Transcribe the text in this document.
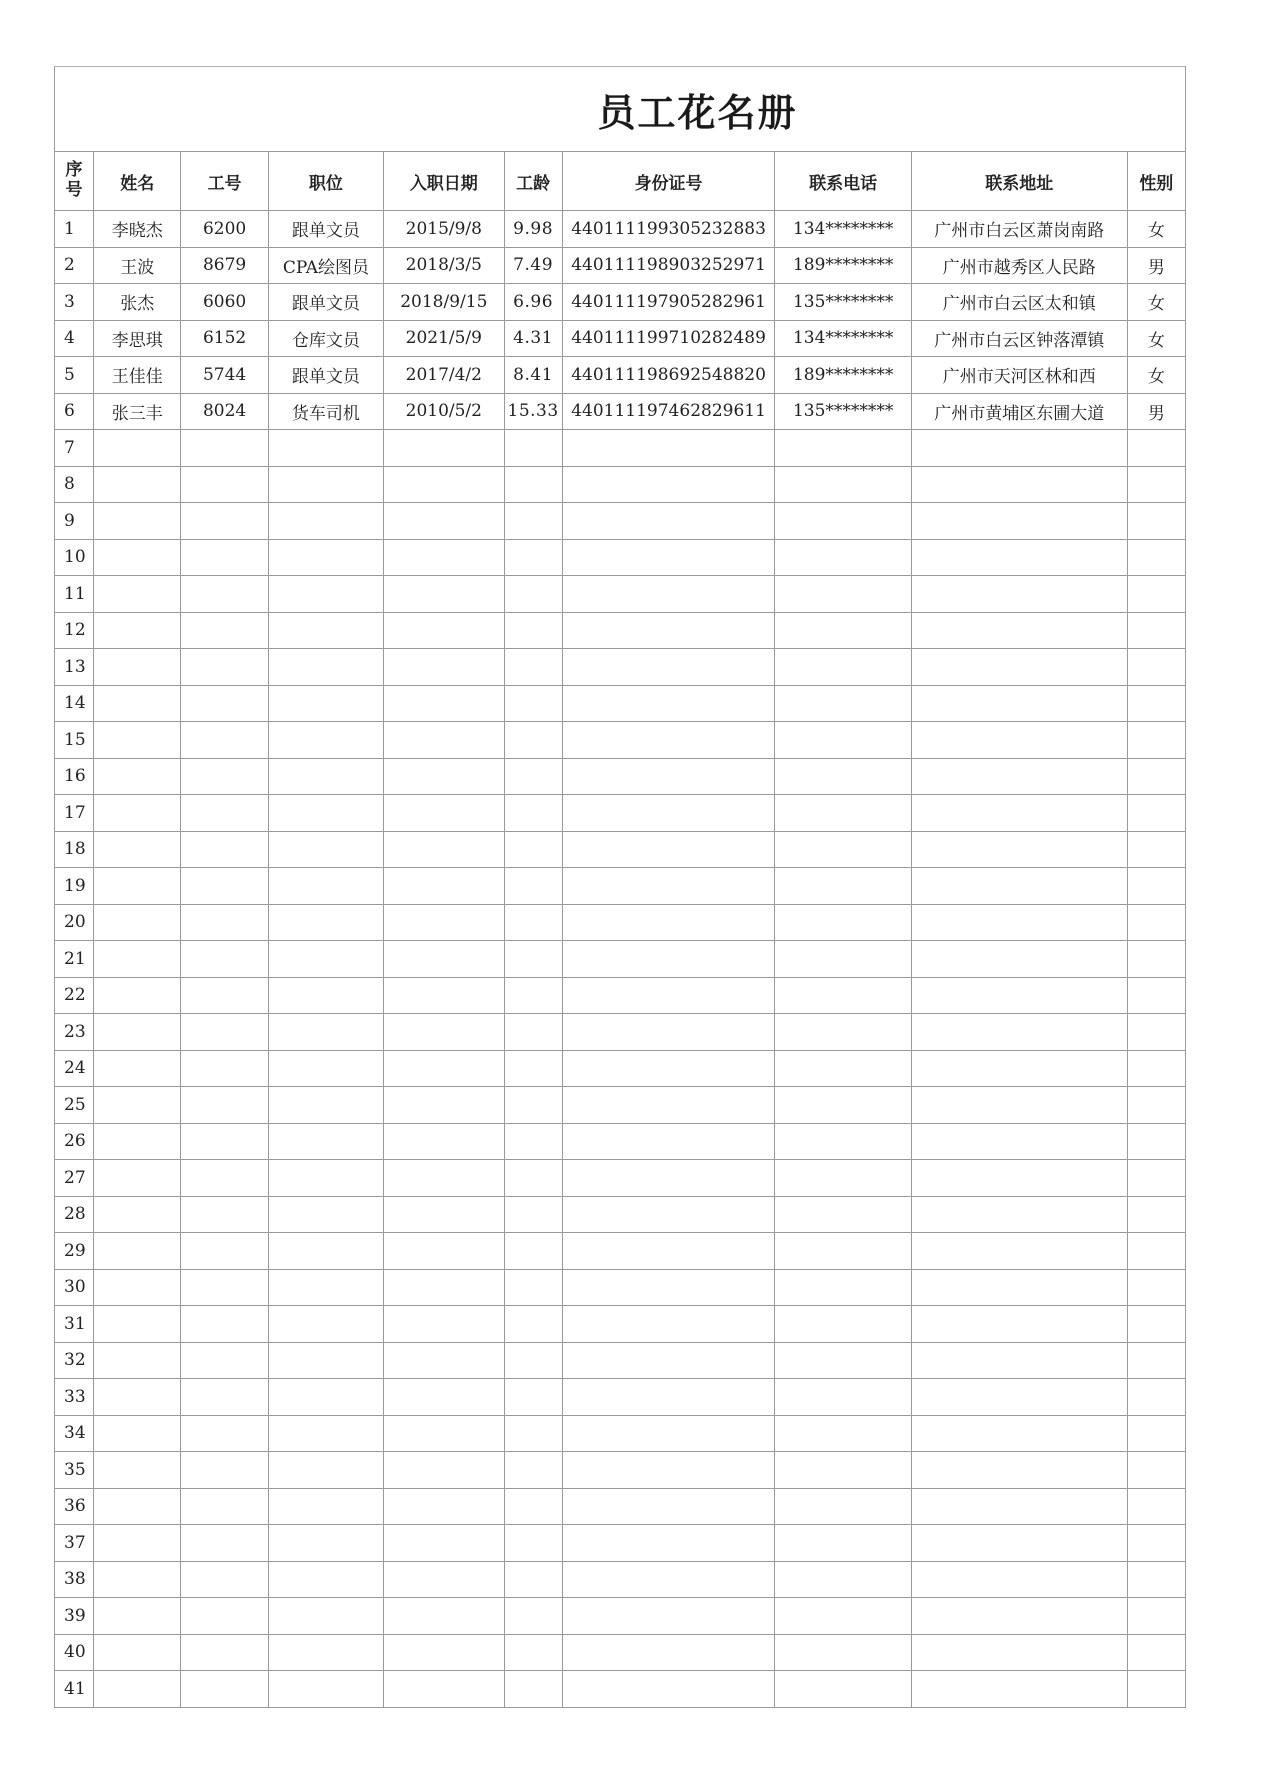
员工花名册									
序号	姓名	工号	职位	入职日期	工龄	身份证号	联系电话	联系地址	性别
1	李晓杰	6200	跟单文员	2015/9/8	9.98	440111199305232883	134********	广州市白云区萧岗南路	女
2	王波	8679	CPA绘图员	2018/3/5	7.49	440111198903252971	189********	广州市越秀区人民路	男
3	张杰	6060	跟单文员	2018/9/15	6.96	440111197905282961	135********	广州市白云区太和镇	女
4	李思琪	6152	仓库文员	2021/5/9	4.31	440111199710282489	134********	广州市白云区钟落潭镇	女
5	王佳佳	5744	跟单文员	2017/4/2	8.41	440111198692548820	189********	广州市天河区林和西	女
6	张三丰	8024	货车司机	2010/5/2	15.33	440111197462829611	135********	广州市黄埔区东圃大道	男
7									
8									
9									
10									
11									
12									
13									
14									
15									
16									
17									
18									
19									
20									
21									
22									
23									
24									
25									
26									
27									
28									
29									
30									
31									
32									
33									
34									
35									
36									
37									
38									
39									
40									
41									
